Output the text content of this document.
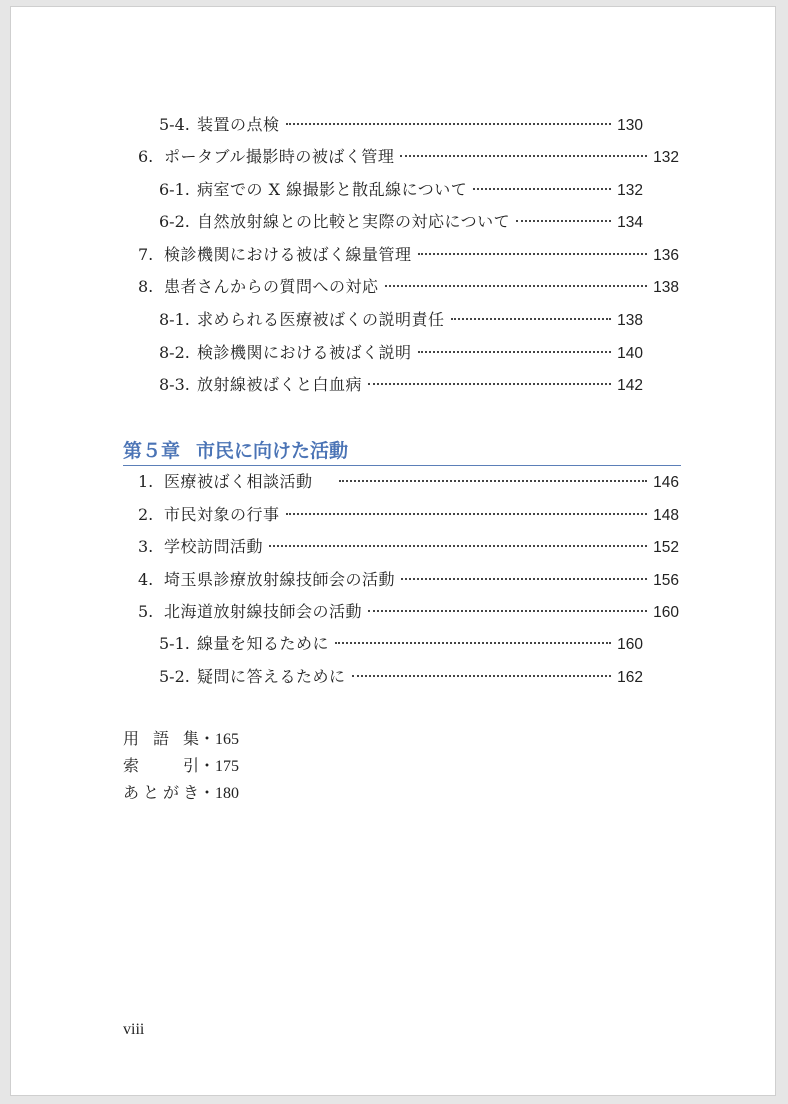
5-4. 装置の点検	130
6. ポータブル撮影時の被ばく管理	132
6-1. 病室での X 線撮影と散乱線について	132
6-2. 自然放射線との比較と実際の対応について	134
7. 検診機関における被ばく線量管理	136
8. 患者さんからの質問への対応	138
8-1. 求められる医療被ばくの説明責任	138
8-2. 検診機関における被ばく説明	140
8-3. 放射線被ばくと白血病	142
第５章 市民に向けた活動
1. 医療被ばく相談活動	146
2. 市民対象の行事	148
3. 学校訪問活動	152
4. 埼玉県診療放射線技師会の活動	156
5. 北海道放射線技師会の活動	160
5-1. 線量を知るために	160
5-2. 疑問に答えるために	162
用語集・165
索引・175
あとがき・180
viii
